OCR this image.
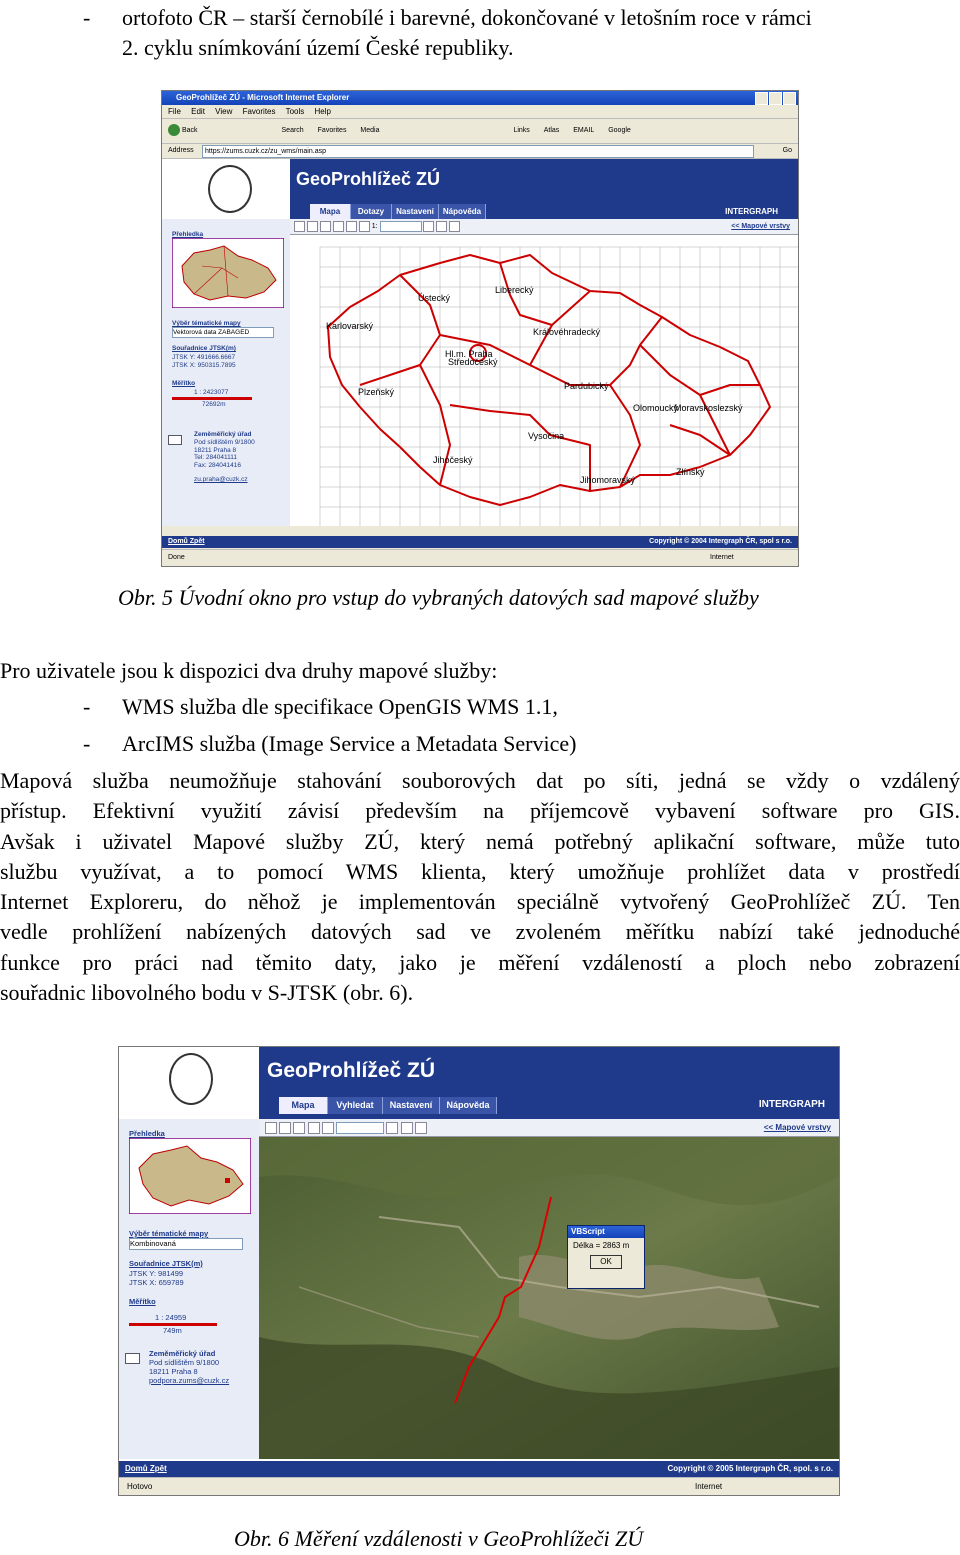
- ortofoto ČR – starší černobílé i barevné, dokončované v letošním roce v rámci
2. cyklu snímkování území České republiky.
GeoProhlížeč ZÚ - Microsoft Internet Explorer
File Edit View Favorites Tools Help
Back	Search Favorites Media	Links Atlas EMAIL Google
Address	https://zums.cuzk.cz/zu_wms/main.asp	Go
GeoProhlížeč ZÚ
Mapa Dotazy Nastavení Nápověda	INTERGRAPH
1:	<< Mapové vrstvy
Přehledka
Výběr tématické mapy
Vektorová data ZABAGED
Souřadnice JTSK(m)
JTSK Y: 491666.6667
JTSK X: 950315.7895
Měřítko
1 : 2423077
72692m
Zeměměřický úřad
Pod sídlištěm 9/1800
18211 Praha 8
Tel: 284041111
Fax: 284041416
zu.praha@cuzk.cz
Ústecký
Liberecký
Karlovarský
Královéhradecký
Hl.m. Praha
Středočeský
Plzeňský
Pardubický
Olomoucký
Moravskoslezský
Vysočina
Jihočeský
Zlínský
Jihomoravský
Domů Zpět	Copyright © 2004 Intergraph ČR, spol s r.o.
Done	Internet
Obr. 5 Úvodní okno pro vstup do vybraných datových sad mapové služby
Pro uživatele jsou k dispozici dva druhy mapové služby:
- WMS služba dle specifikace OpenGIS WMS 1.1,
- ArcIMS služba (Image Service a Metadata Service)
Mapová služba neumožňuje stahování souborových dat po síti, jedná se vždy o vzdálený
přístup. Efektivní využití závisí především na příjemcově vybavení software pro GIS.
Avšak i uživatel Mapové služby ZÚ, který nemá potřebný aplikační software, může tuto
službu využívat, a to pomocí WMS klienta, který umožňuje prohlížet data v prostředí
Internet Exploreru, do něhož je implementován speciálně vytvořený GeoProhlížeč ZÚ. Ten
vedle prohlížení nabízených datových sad ve zvoleném měřítku nabízí také jednoduché
funkce pro práci nad těmito daty, jako je měření vzdáleností a ploch nebo zobrazení
souřadnic libovolného bodu v S-JTSK (obr. 6).
GeoProhlížeč ZÚ
Mapa Vyhledat Nastavení Nápověda	INTERGRAPH

<< Mapové vrstvy
Přehledka
Výběr tématické mapy
Kombinovaná
Souřadnice JTSK(m)
JTSK Y: 981499
JTSK X: 659789
Měřítko
1 : 24959
749m
Zeměměřický úřad
Pod sídlištěm 9/1800
18211 Praha 8
podpora.zums@cuzk.cz
VBScript
Délka = 2863 m
OK
Domů Zpět	Copyright © 2005 Intergraph ČR, spol. s r.o.
Hotovo	Internet
Obr. 6 Měření vzdálenosti v GeoProhlížeči ZÚ
